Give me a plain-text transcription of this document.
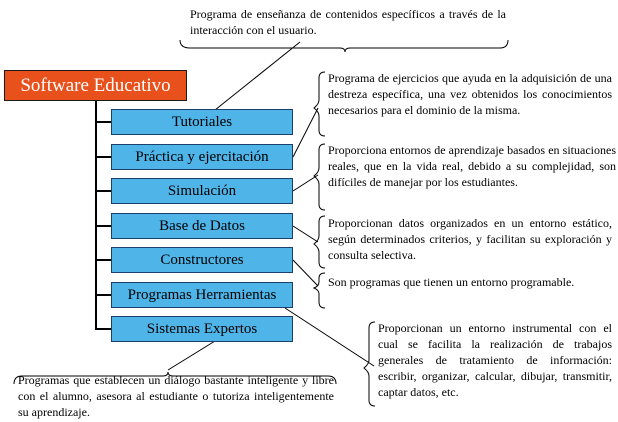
Software Educativo
Tutoriales
Práctica y ejercitación
Simulación
Base de Datos
Constructores
Programas Herramientas
Sistemas Expertos
Programa de enseñanza de contenidos específicos a través de la interacción con el usuario.
Programa de ejercicios que ayuda en la adquisición de una destreza específica, una vez obtenidos los conocimientos necesarios para el dominio de la misma.
Proporciona entornos de aprendizaje basados en situaciones reales, que en la vida real, debido a su complejidad, son difíciles de manejar por los estudiantes.
Proporcionan datos organizados en un entorno estático, según determinados criterios, y facilitan su exploración y consulta selectiva.
Son programas que tienen un entorno programable.
Proporcionan un entorno instrumental con el cual se facilita la realización de trabajos generales de tratamiento de información: escribir, organizar, calcular, dibujar, transmitir, captar datos, etc.
Programas que establecen un diálogo bastante inteligente y libre con el alumno, asesora al estudiante o tutoriza inteligentemente su aprendizaje.
